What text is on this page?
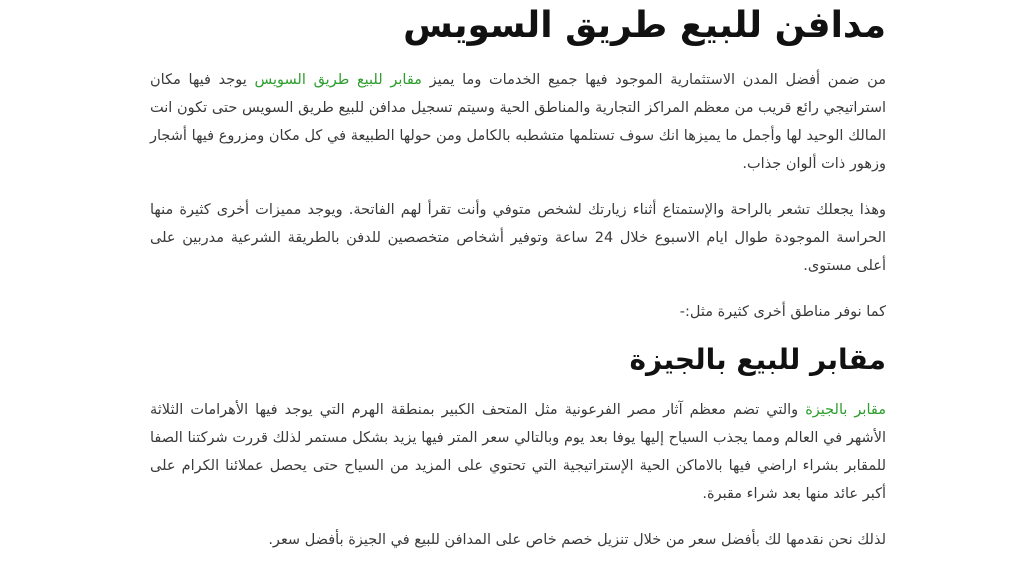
مدافن للبيع طريق السويس

من ضمن أفضل المدن الاستثمارية الموجود فيها جميع الخدمات وما يميز مقابر للبيع طريق السويس يوجد فيها مكان استراتيجي رائع قريب من معظم المراكز التجارية والمناطق الحية وسيتم تسجيل مدافن للبيع طريق السويس حتى تكون انت المالك الوحيد لها وأجمل ما يميزها انك سوف تستلمها متشطبه بالكامل ومن حولها الطبيعة في كل مكان ومزروع فيها أشجار وزهور ذات ألوان جذاب.

وهذا يجعلك تشعر بالراحة والإستمتاع أثناء زيارتك لشخص متوفي وأنت تقرأ لهم الفاتحة. ويوجد مميزات أخرى كثيرة منها الحراسة الموجودة طوال ايام الاسبوع خلال 24 ساعة وتوفير أشخاص متخصصين للدفن بالطريقة الشرعية مدربين على أعلى مستوى.

كما نوفر مناطق أخرى كثيرة مثل:-

مقابر للبيع بالجيزة

مقابر بالجيزة والتي تضم معظم آثار مصر الفرعونية مثل المتحف الكبير بمنطقة الهرم التي يوجد فيها الأهرامات الثلاثة الأشهر في العالم ومما يجذب السياح إليها يوفا بعد يوم وبالتالي سعر المتر فيها يزيد بشكل مستمر لذلك قررت شركتنا الصفا للمقابر بشراء اراضي فيها بالاماكن الحية الإستراتيجية التي تحتوي على المزيد من السياح حتى يحصل عملائنا الكرام على أكبر عائد منها بعد شراء مقبرة.

لذلك نحن نقدمها لك بأفضل سعر من خلال تنزيل خصم خاص على المدافن للبيع في الجيزة بأفضل سعر.
